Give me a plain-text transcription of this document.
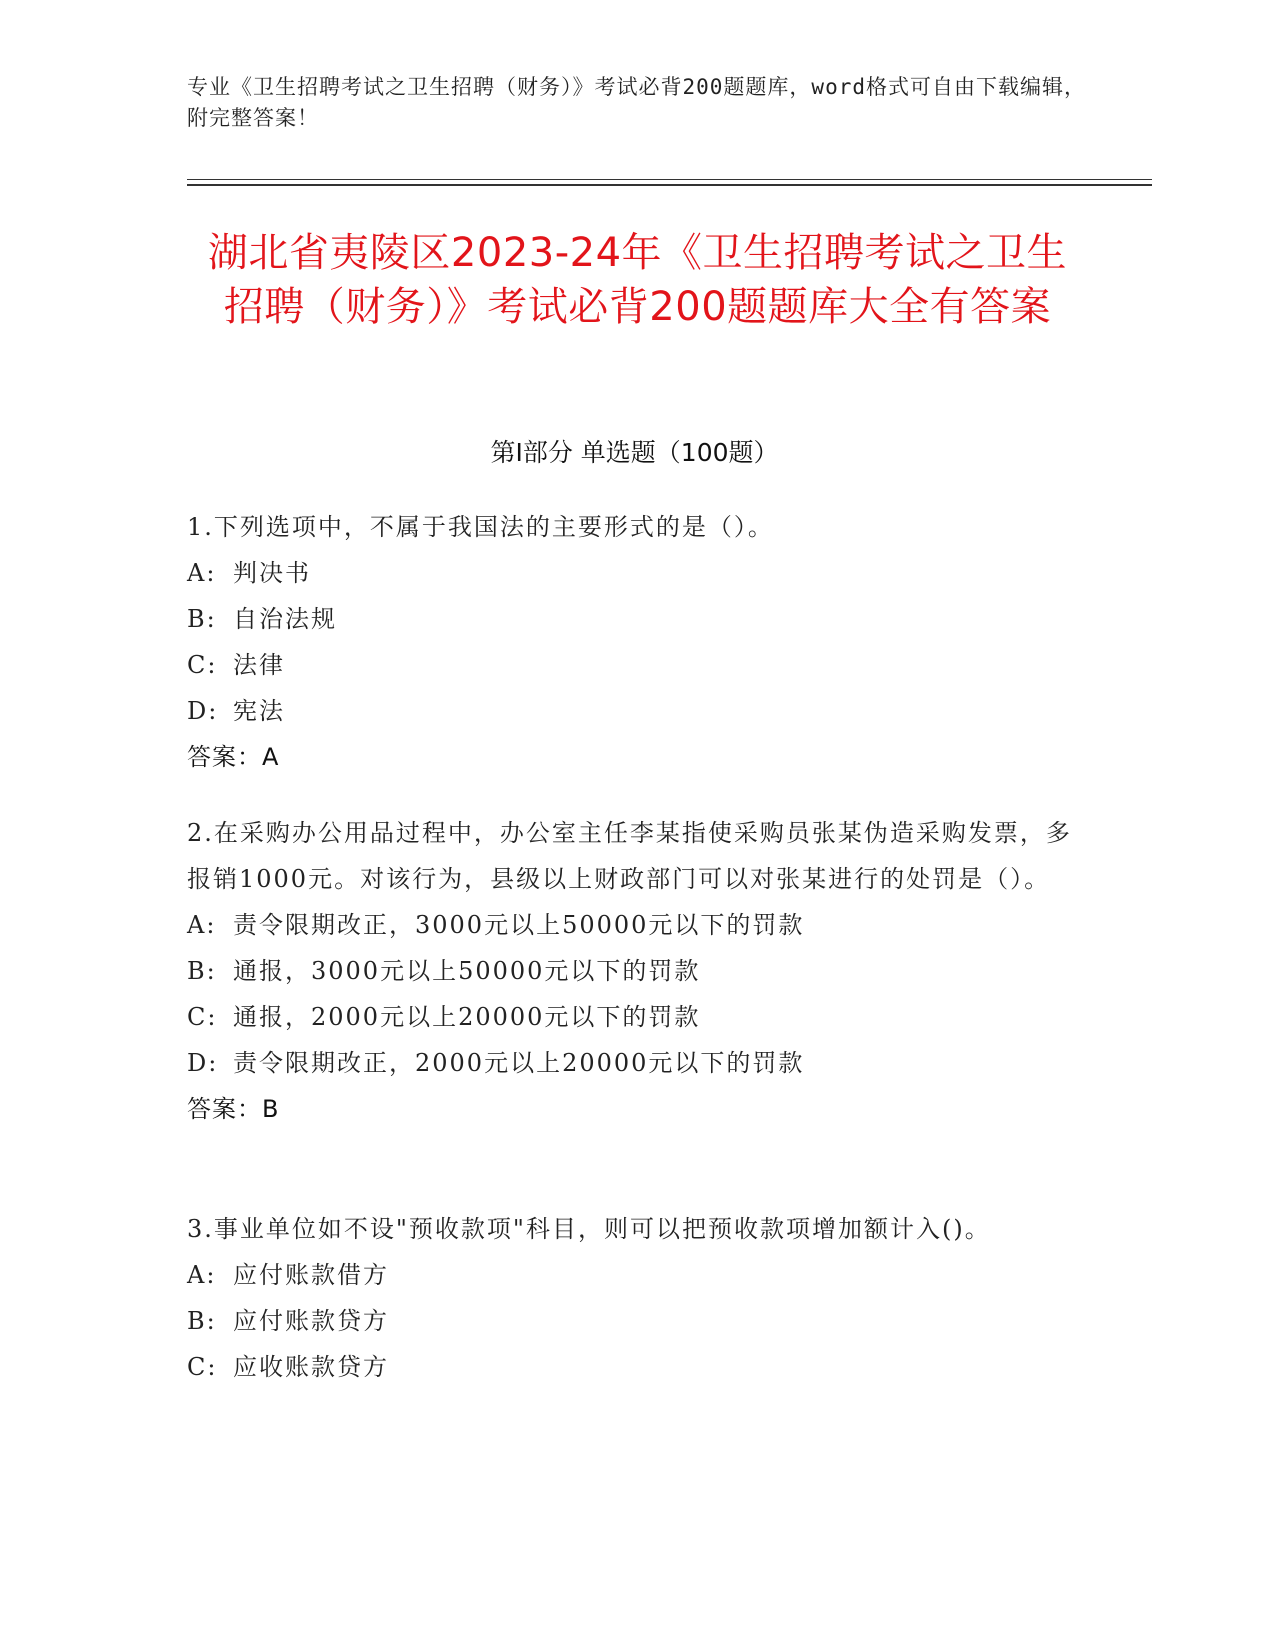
专业《卫生招聘考试之卫生招聘（财务）》考试必背200题题库，word格式可自由下载编辑，附完整答案！
湖北省夷陵区2023-24年《卫生招聘考试之卫生招聘（财务）》考试必背200题题库大全有答案
第Ⅰ部分 单选题（100题）
1.下列选项中，不属于我国法的主要形式的是（）。
A: 判决书
B: 自治法规
C: 法律
D: 宪法
答案：A
2.在采购办公用品过程中，办公室主任李某指使采购员张某伪造采购发票，多报销1000元。对该行为，县级以上财政部门可以对张某进行的处罚是（）。
A: 责令限期改正，3000元以上50000元以下的罚款
B: 通报，3000元以上50000元以下的罚款
C: 通报，2000元以上20000元以下的罚款
D: 责令限期改正，2000元以上20000元以下的罚款
答案：B
3.事业单位如不设"预收款项"科目，则可以把预收款项增加额计入()。
A: 应付账款借方
B: 应付账款贷方
C: 应收账款贷方
